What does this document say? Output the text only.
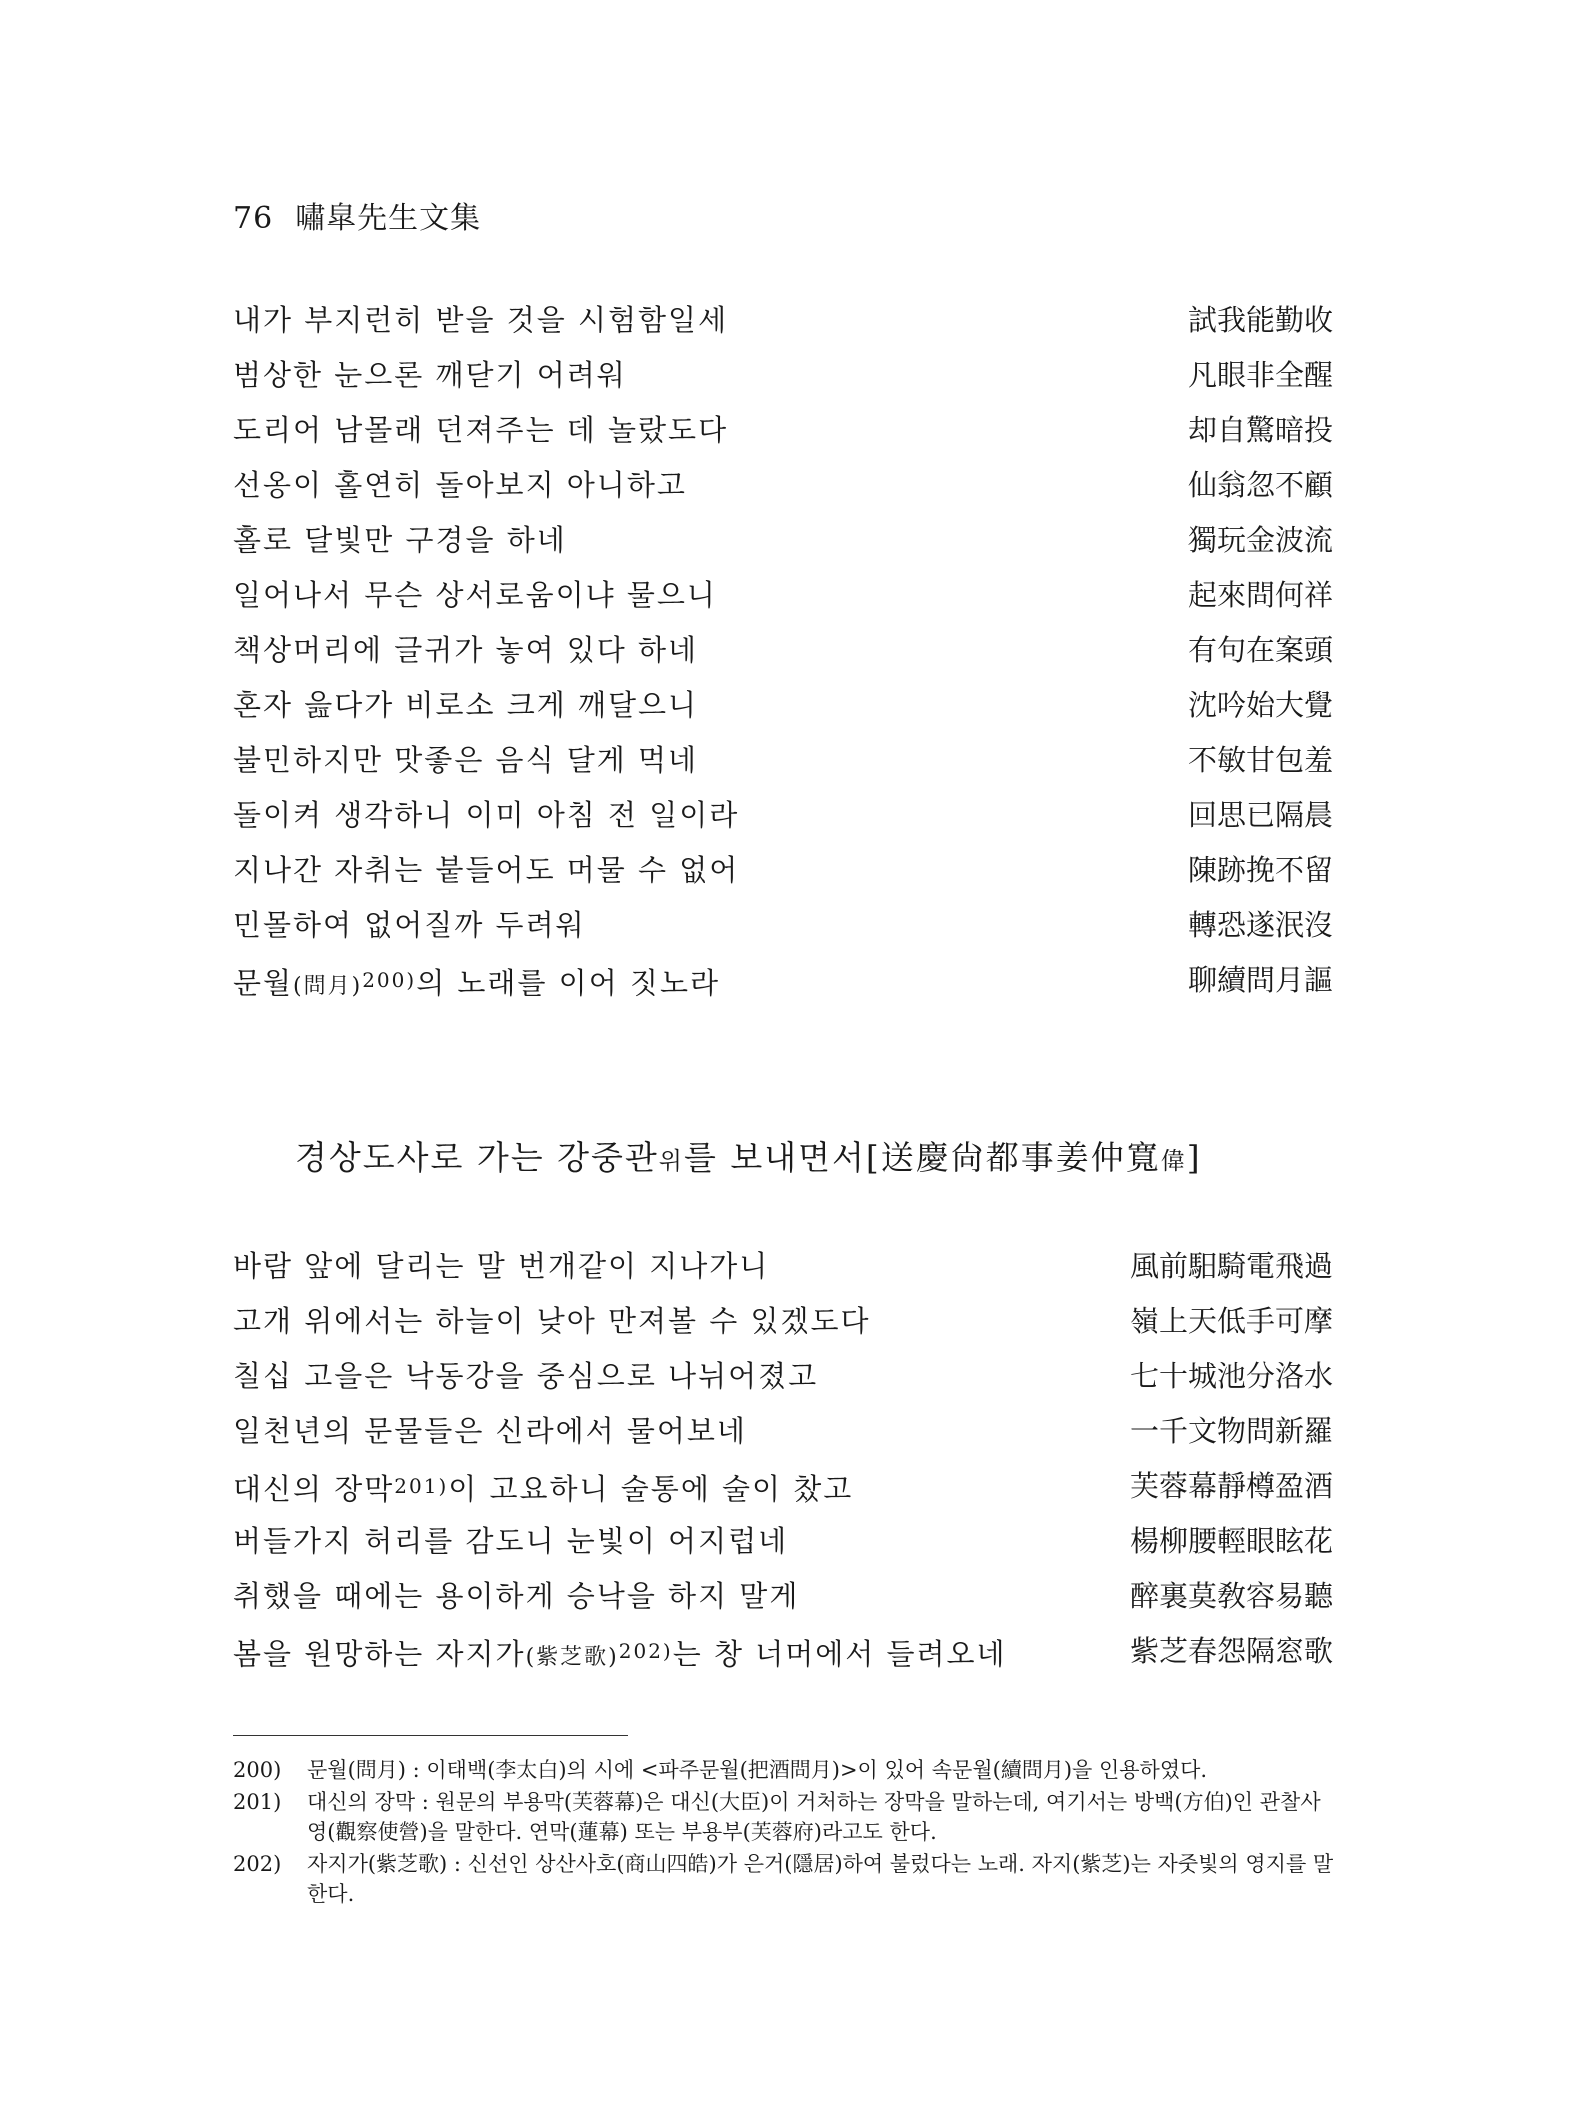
76 嘯皐先生文集
내가 부지런히 받을 것을 시험함일세	試我能勤收
범상한 눈으론 깨닫기 어려워	凡眼非全醒
도리어 남몰래 던져주는 데 놀랐도다	却自驚暗投
선옹이 홀연히 돌아보지 아니하고	仙翁忽不顧
홀로 달빛만 구경을 하네	獨玩金波流
일어나서 무슨 상서로움이냐 물으니	起來問何祥
책상머리에 글귀가 놓여 있다 하네	有句在案頭
혼자 읊다가 비로소 크게 깨달으니	沈吟始大覺
불민하지만 맛좋은 음식 달게 먹네	不敏甘包羞
돌이켜 생각하니 이미 아침 전 일이라	回思已隔晨
지나간 자취는 붙들어도 머물 수 없어	陳跡挽不留
민몰하여 없어질까 두려워	轉恐遂泯沒
문월(問月)$^{200)}$의 노래를 이어 짓노라	聊續問月謳
경상도사로 가는 강중관위를 보내면서[送慶尙都事姜仲寬偉]
바람 앞에 달리는 말 번개같이 지나가니	風前馹騎電飛過
고개 위에서는 하늘이 낮아 만져볼 수 있겠도다	嶺上天低手可摩
칠십 고을은 낙동강을 중심으로 나뉘어졌고	七十城池分洛水
일천년의 문물들은 신라에서 물어보네	一千文物問新羅
대신의 장막$^{201)}$이 고요하니 술통에 술이 찼고	芙蓉幕靜樽盈酒
버들가지 허리를 감도니 눈빛이 어지럽네	楊柳腰輕眼眩花
취했을 때에는 용이하게 승낙을 하지 말게	醉裏莫敎容易聽
봄을 원망하는 자지가(紫芝歌)$^{202)}$는 창 너머에서 들려오네	紫芝春怨隔窓歌
200) 문월(問月) : 이태백(李太白)의 시에 <파주문월(把酒問月)>이 있어 속문월(續問月)을 인용하였다.
201) 대신의 장막 : 원문의 부용막(芙蓉幕)은 대신(大臣)이 거처하는 장막을 말하는데, 여기서는 방백(方伯)인 관찰사영(觀察使營)을 말한다. 연막(蓮幕) 또는 부용부(芙蓉府)라고도 한다.
202) 자지가(紫芝歌) : 신선인 상산사호(商山四皓)가 은거(隱居)하여 불렀다는 노래. 자지(紫芝)는 자줏빛의 영지를 말한다.
